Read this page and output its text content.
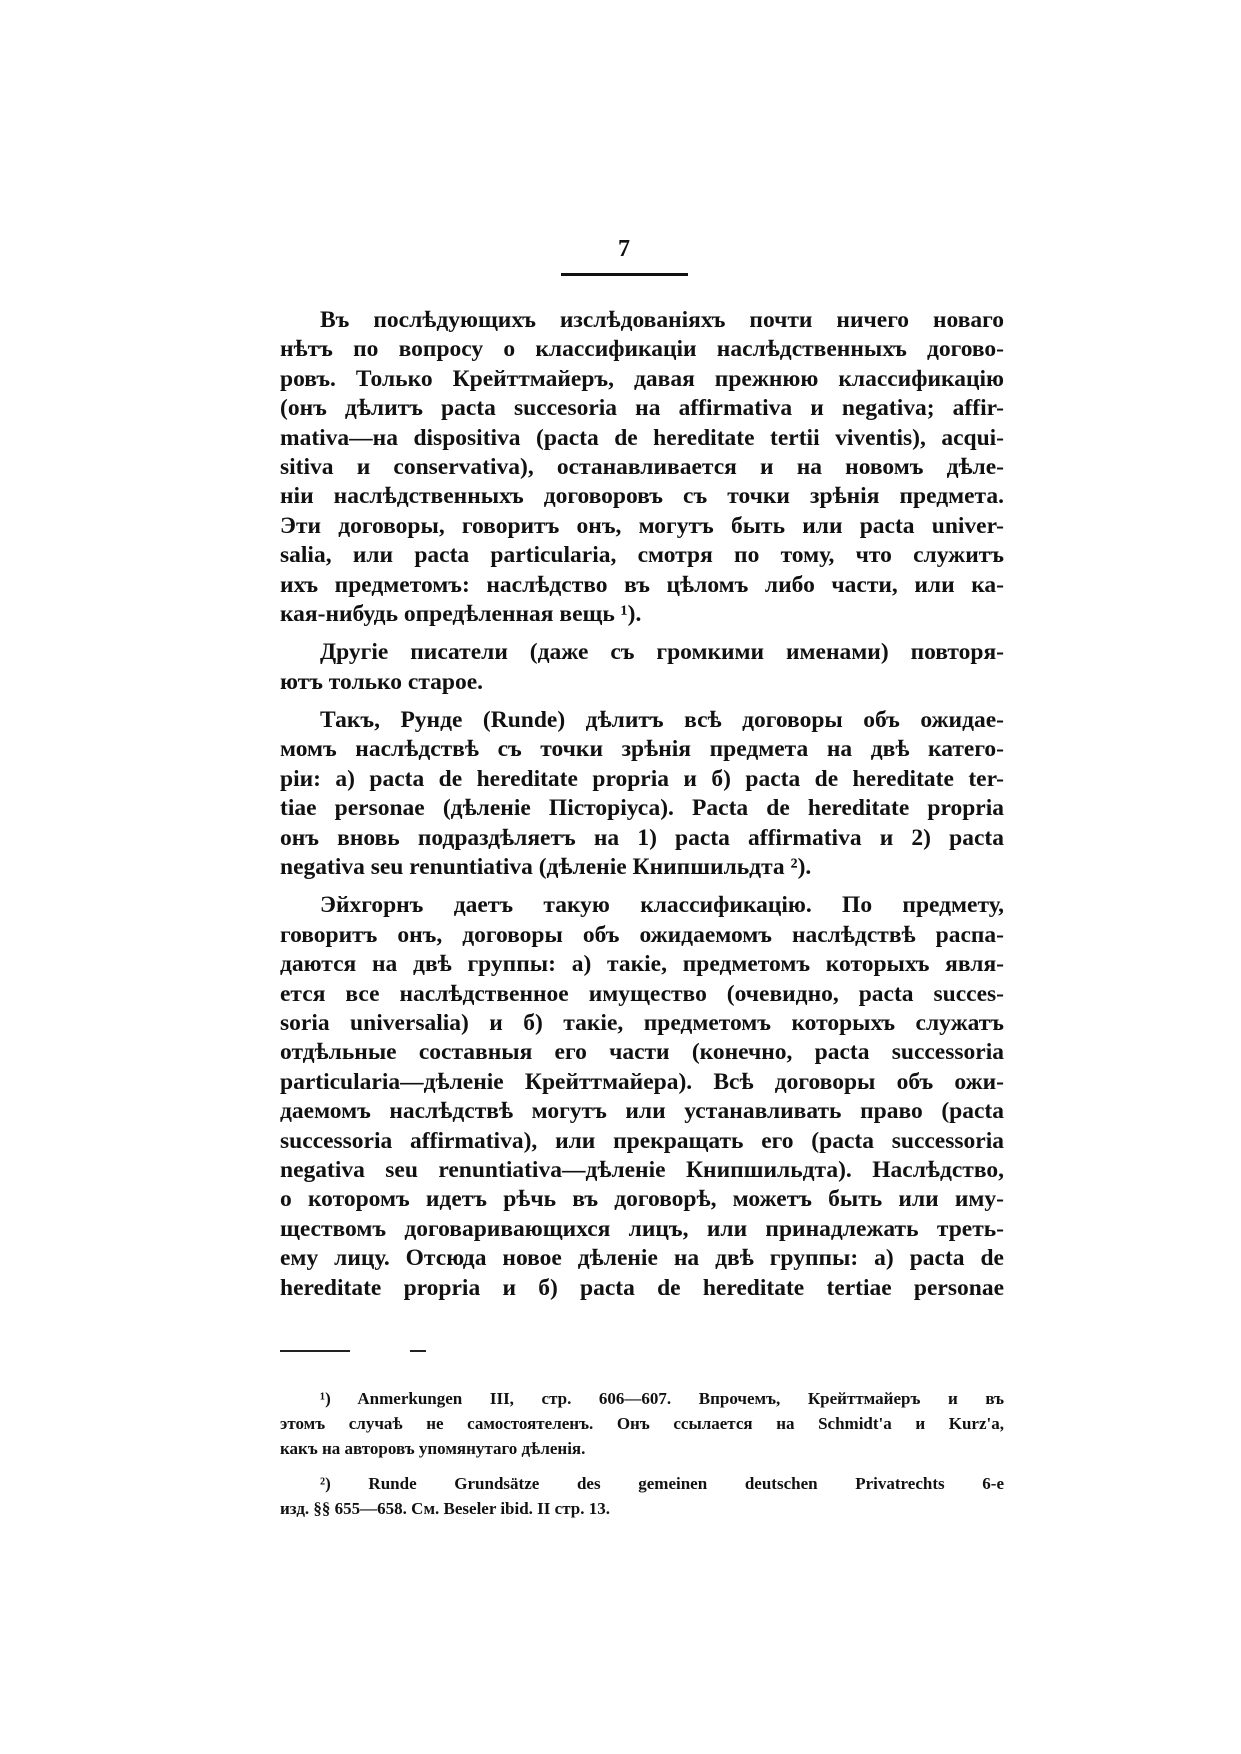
7
Въ послѣдующихъ изслѣдованіяхъ почти ничего новаго
нѣтъ по вопросу о классификаціи наслѣдственныхъ догово-
ровъ. Только Крейттмайеръ, давая прежнюю классификацію
(онъ дѣлитъ pacta succesoria на affirmativa и negativa; affir-
mativa—на dispositiva (pacta de hereditate tertii viventis), acqui-
sitiva и conservativa), останавливается и на новомъ дѣле-
ніи наслѣдственныхъ договоровъ съ точки зрѣнія предмета.
Эти договоры, говоритъ онъ, могутъ быть или pacta univer-
salia, или pacta particularia, смотря по тому, что служитъ
ихъ предметомъ: наслѣдство въ цѣломъ либо части, или ка-
кая-нибудь опредѣленная вещь ¹).
Другіе писатели (даже съ громкими именами) повторя-
ютъ только старое.
Такъ, Рунде (Runde) дѣлитъ всѣ договоры объ ожидае-
момъ наслѣдствѣ съ точки зрѣнія предмета на двѣ катего-
ріи: а) pacta de hereditate propria и б) pacta de hereditate ter-
tiae personae (дѣленіе Пісторіуса). Pacta de hereditate propria
онъ вновь подраздѣляетъ на 1) pacta affirmativa и 2) pacta
negativa seu renuntiativa (дѣленіе Книпшильдта ²).
Эйхгорнъ даетъ такую классификацію. По предмету,
говоритъ онъ, договоры объ ожидаемомъ наслѣдствѣ распа-
даются на двѣ группы: а) такіе, предметомъ которыхъ явля-
ется все наслѣдственное имущество (очевидно, pacta succes-
soria universalia) и б) такіе, предметомъ которыхъ служатъ
отдѣльные составныя его части (конечно, pacta successoria
particularia—дѣленіе Крейттмайера). Всѣ договоры объ ожи-
даемомъ наслѣдствѣ могутъ или устанавливать право (pacta
successoria affirmativa), или прекращать его (pacta successoria
negativa seu renuntiativa—дѣленіе Книпшильдта). Наслѣдство,
о которомъ идетъ рѣчь въ договорѣ, можетъ быть или иму-
ществомъ договаривающихся лицъ, или принадлежать треть-
ему лицу. Отсюда новое дѣленіе на двѣ группы: а) pacta de
hereditate propria и б) pacta de hereditate tertiae personae
¹) Anmerkungen III, стр. 606—607. Впрочемъ, Крейттмайеръ и въ
этомъ случаѣ не самостоятеленъ. Онъ ссылается на Schmidt'a и Kurz'a,
какъ на авторовъ упомянутаго дѣленія.
²) Runde Grundsätze des gemeinen deutschen Privatrechts 6-е
изд. §§ 655—658. См. Beseler ibid. II стр. 13.
